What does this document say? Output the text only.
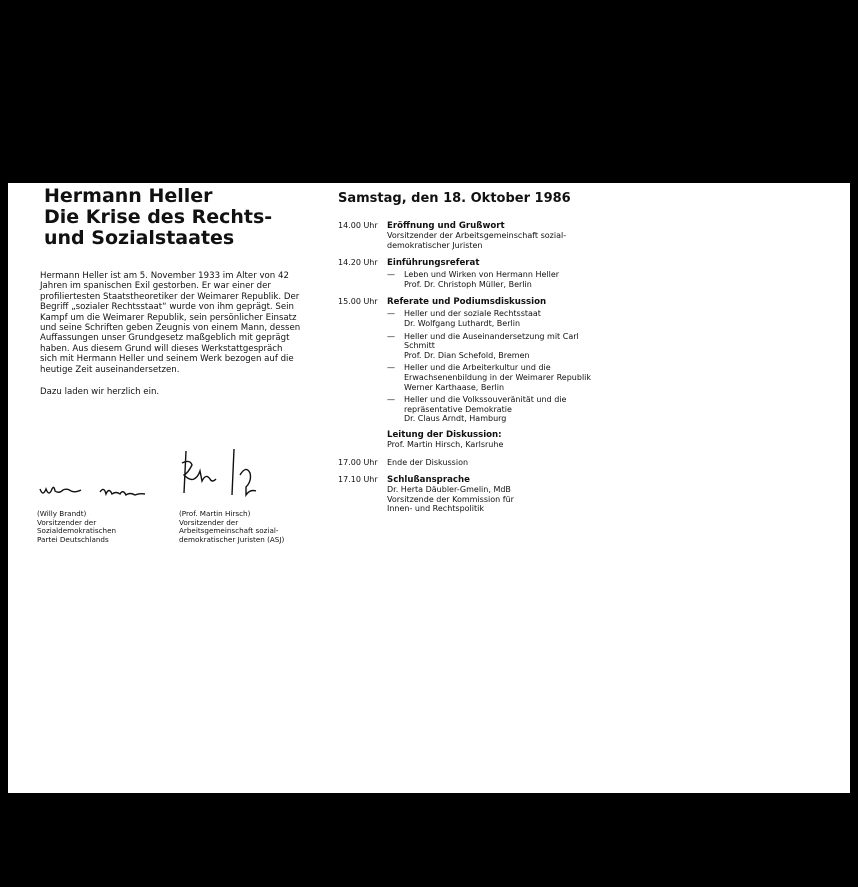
Hermann Heller
Die Krise des Rechts-
und Sozialstaates

Hermann Heller ist am 5. November 1933 im Alter von 42 Jahren im spanischen Exil gestorben. Er war einer der profiliertesten Staatstheoretiker der Weimarer Republik. Der Begriff „sozialer Rechtsstaat“ wurde von ihm geprägt. Sein Kampf um die Weimarer Republik, sein persönlicher Einsatz und seine Schriften geben Zeugnis von einem Mann, dessen Auffassungen unser Grundgesetz maßgeblich mit geprägt haben. Aus diesem Grund will dieses Werkstattgespräch sich mit Hermann Heller und seinem Werk bezogen auf die heutige Zeit auseinandersetzen.

Dazu laden wir herzlich ein.

(Willy Brandt)
Vorsitzender der
Sozialdemokratischen
Partei Deutschlands
(Prof. Martin Hirsch)
Vorsitzender der
Arbeitsgemeinschaft sozial-
demokratischer Juristen (ASJ)
Samstag, den 18. Oktober 1986
14.00 Uhr Eröffnung und Grußwort
Vorsitzender der Arbeitsgemeinschaft sozial-
demokratischer Juristen
14.20 Uhr Einführungsreferat
— Leben und Wirken von Hermann Heller
Prof. Dr. Christoph Müller, Berlin
15.00 Uhr Referate und Podiumsdiskussion
— Heller und der soziale Rechtsstaat
Dr. Wolfgang Luthardt, Berlin
— Heller und die Auseinandersetzung mit Carl
Schmitt
Prof. Dr. Dian Schefold, Bremen
— Heller und die Arbeiterkultur und die
Erwachsenenbildung in der Weimarer Republik
Werner Karthaase, Berlin
— Heller und die Volkssouveränität und die
repräsentative Demokratie
Dr. Claus Arndt, Hamburg
Leitung der Diskussion:
Prof. Martin Hirsch, Karlsruhe
17.00 Uhr Ende der Diskussion
17.10 Uhr Schlußansprache
Dr. Herta Däubler-Gmelin, MdB
Vorsitzende der Kommission für
Innen- und Rechtspolitik
